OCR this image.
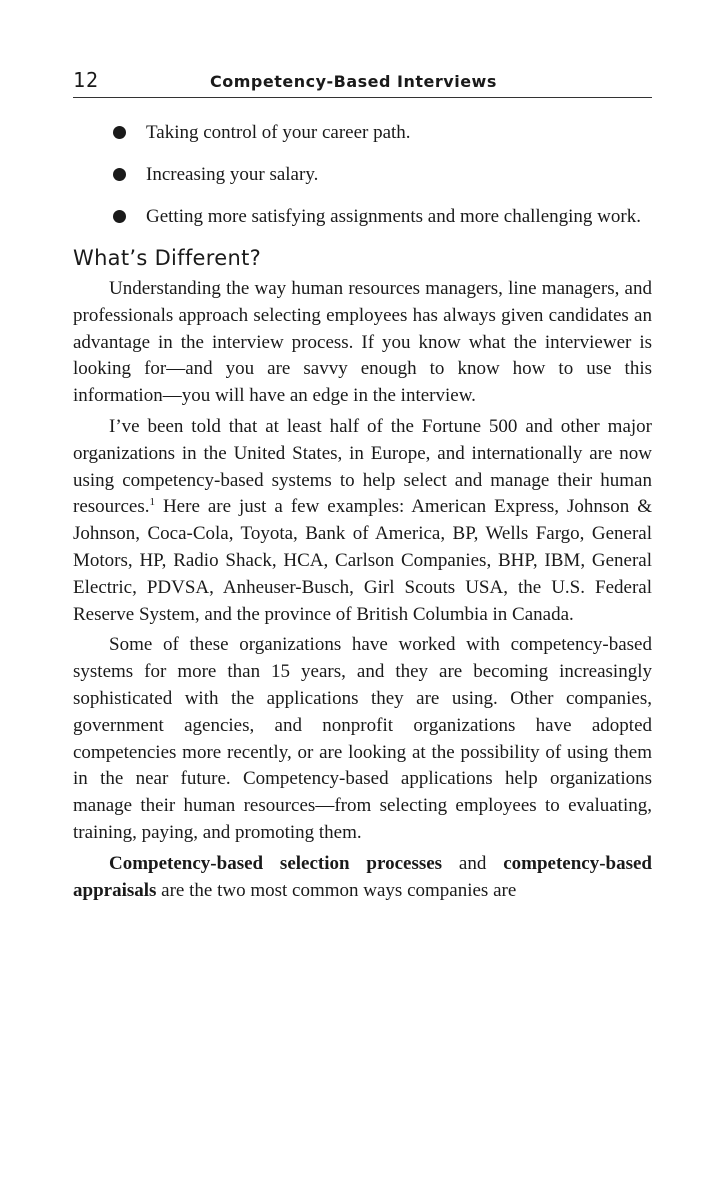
12	Competency-Based Interviews
Taking control of your career path.
Increasing your salary.
Getting more satisfying assignments and more challenging work.
What’s Different?

Understanding the way human resources managers, line managers, and professionals approach selecting employees has always given candidates an advantage in the interview process. If you know what the interviewer is looking for—and you are savvy enough to know how to use this information—you will have an edge in the interview.

I’ve been told that at least half of the Fortune 500 and other major organizations in the United States, in Europe, and internationally are now using competency-based systems to help select and manage their human resources.$^1$ Here are just a few examples: American Express, Johnson & Johnson, Coca-Cola, Toyota, Bank of America, BP, Wells Fargo, General Motors, HP, Radio Shack, HCA, Carlson Companies, BHP, IBM, General Electric, PDVSA, Anheuser-Busch, Girl Scouts USA, the U.S. Federal Reserve System, and the province of British Columbia in Canada.

Some of these organizations have worked with competency-based systems for more than 15 years, and they are becoming increasingly sophisticated with the applications they are using. Other companies, government agencies, and nonprofit organizations have adopted competencies more recently, or are looking at the possibility of using them in the near future. Competency-based applications help organizations manage their human resources—from selecting employees to evaluating, training, paying, and promoting them.

Competency-based selection processes and competency-based appraisals are the two most common ways companies are
